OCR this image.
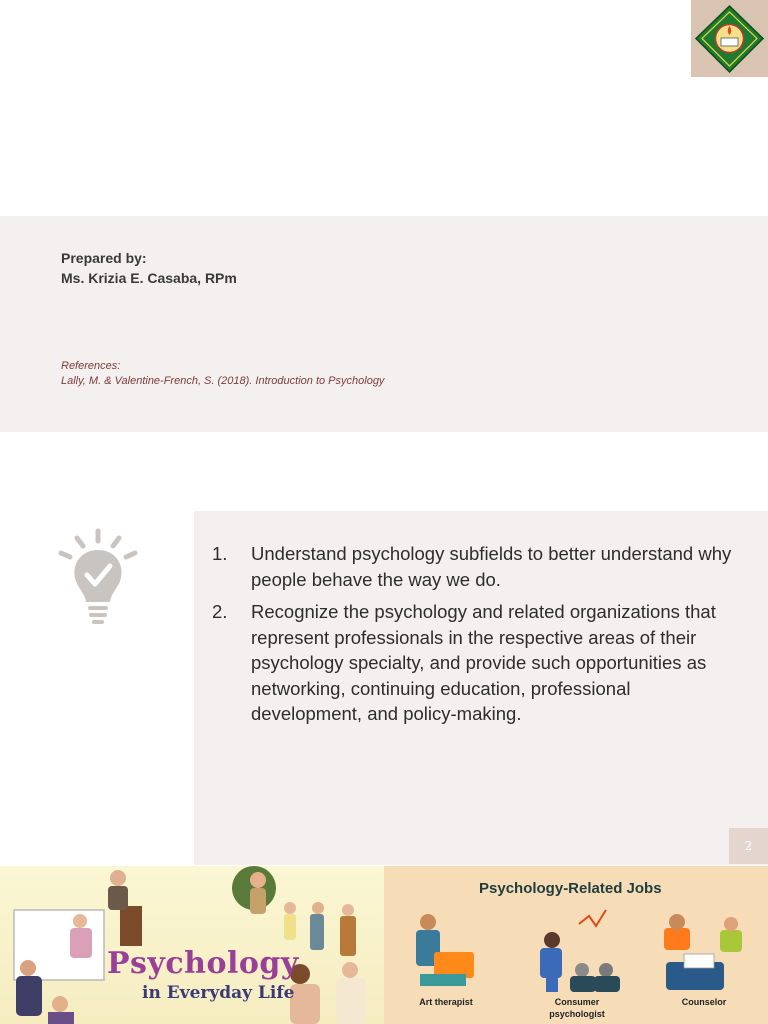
Prepared by:
Ms. Krizia E. Casaba, RPm
References:
Lally, M. & Valentine-French, S. (2018). Introduction to Psychology
1.	Understand psychology subfields to better understand why people behave the way we do.
2.	Recognize the psychology and related organizations that represent professionals in the respective areas of their psychology specialty, and provide such opportunities as networking, continuing education, professional development, and policy-making.
2
Psychology
in Everyday Life
Psychology-Related Jobs
Art therapist	Consumer psychologist
Counselor
